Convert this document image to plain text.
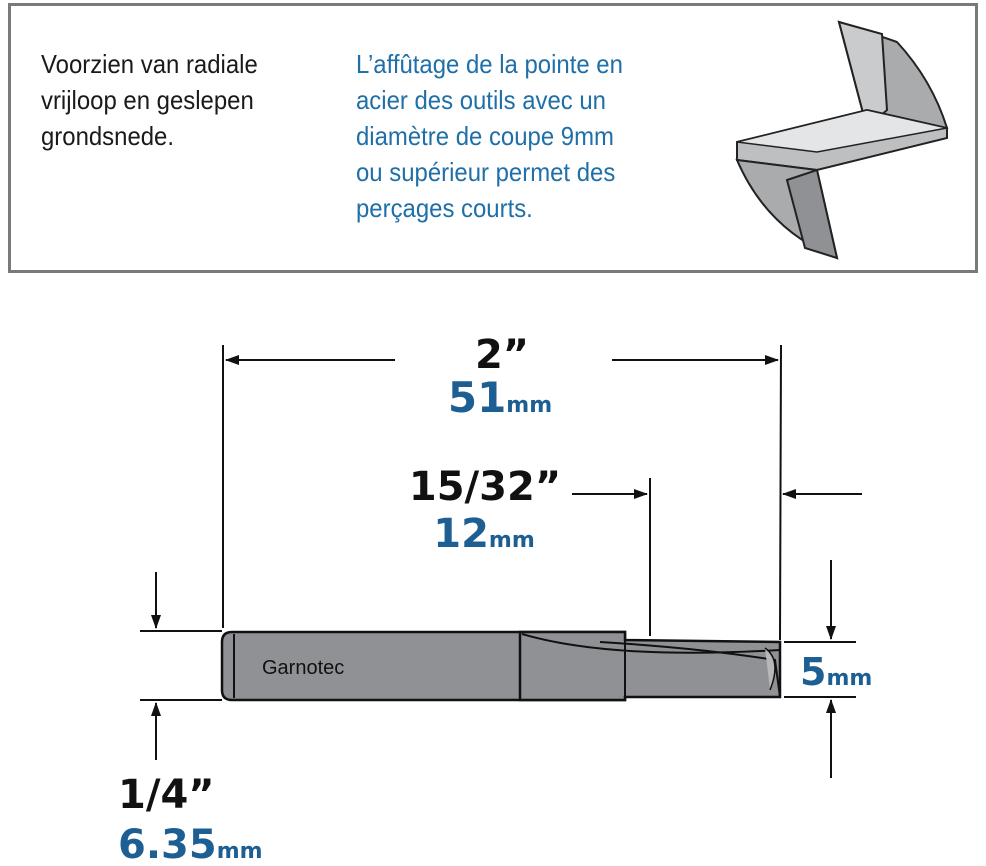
Voorzien van radiale
vrijloop en geslepen
grondsnede.
L’affûtage de la pointe en
acier des outils avec un
diamètre de coupe 9mm
ou supérieur permet des
perçages courts.
2”
51mm
15/32”
12mm
1/4”
6.35mm
5mm
Garnotec
